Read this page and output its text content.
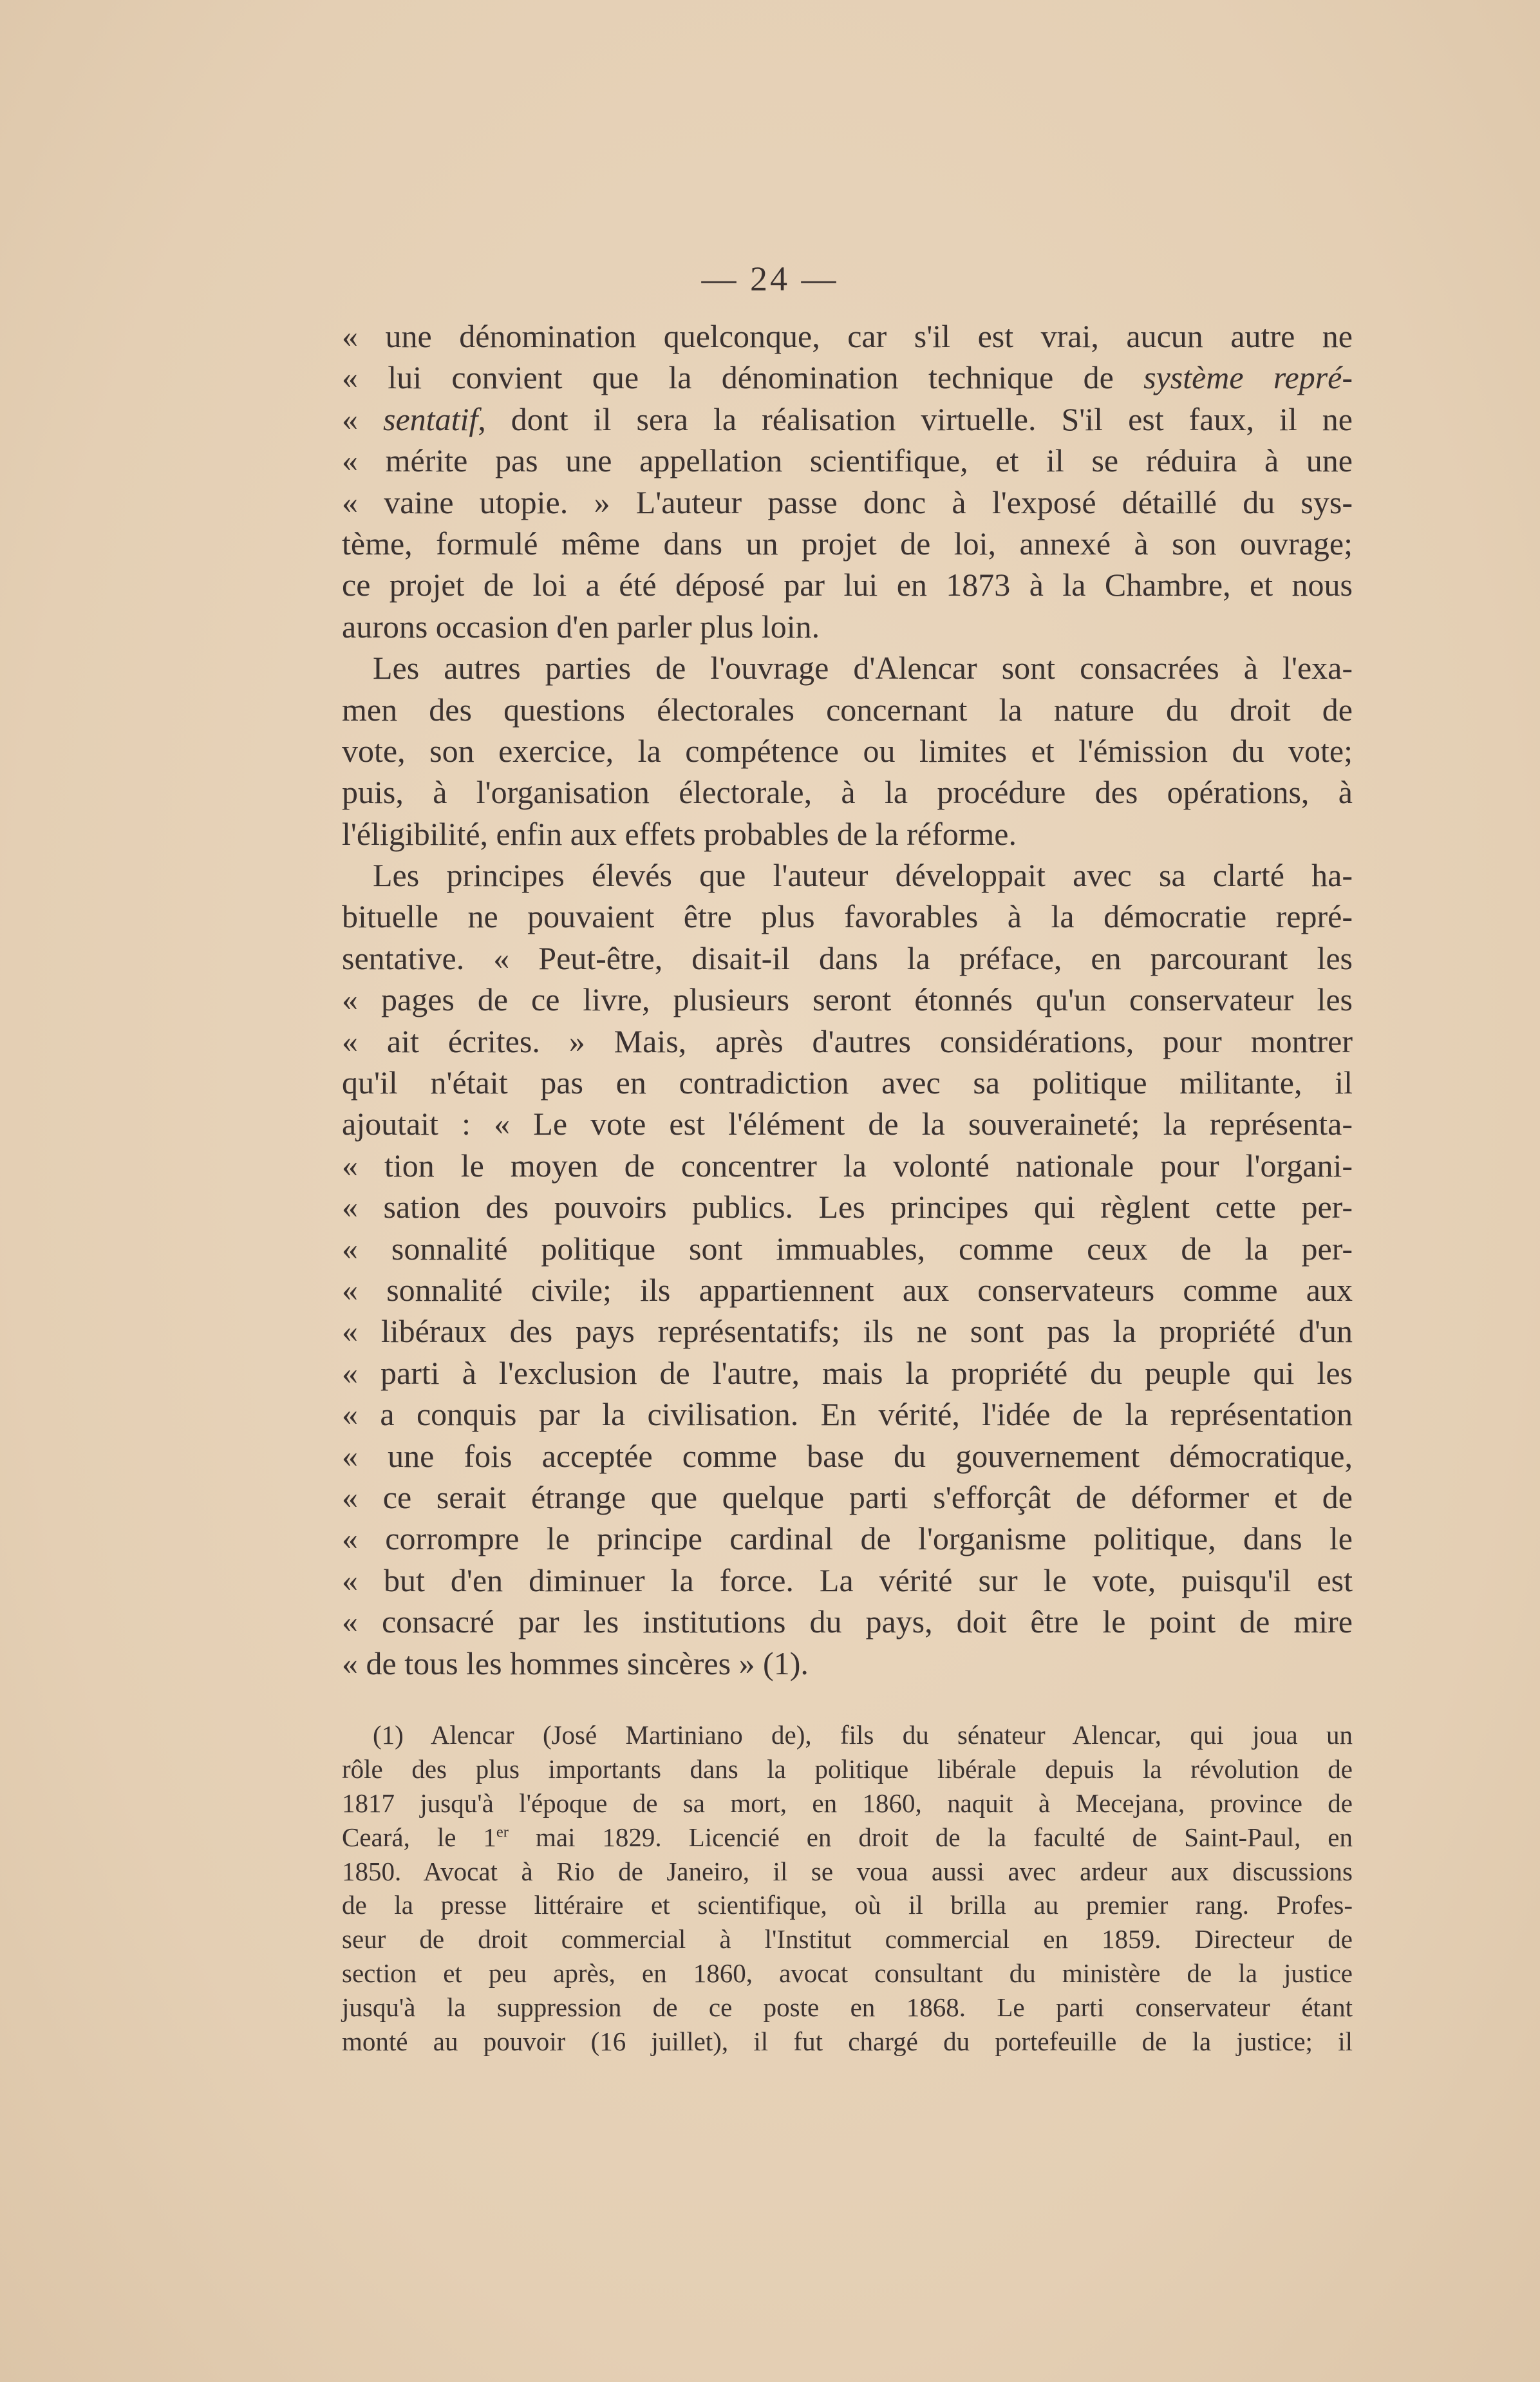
— 24 —
« une dénomination quelconque, car s'il est vrai, aucun autre ne
« lui convient que la dénomination technique de système repré-
« sentatif, dont il sera la réalisation virtuelle. S'il est faux, il ne
« mérite pas une appellation scientifique, et il se réduira à une
« vaine utopie. » L'auteur passe donc à l'exposé détaillé du sys-
tème, formulé même dans un projet de loi, annexé à son ouvrage;
ce projet de loi a été déposé par lui en 1873 à la Chambre, et nous
aurons occasion d'en parler plus loin.
Les autres parties de l'ouvrage d'Alencar sont consacrées à l'exa-
men des questions électorales concernant la nature du droit de
vote, son exercice, la compétence ou limites et l'émission du vote;
puis, à l'organisation électorale, à la procédure des opérations, à
l'éligibilité, enfin aux effets probables de la réforme.
Les principes élevés que l'auteur développait avec sa clarté ha-
bituelle ne pouvaient être plus favorables à la démocratie repré-
sentative. « Peut-être, disait-il dans la préface, en parcourant les
« pages de ce livre, plusieurs seront étonnés qu'un conservateur les
« ait écrites. » Mais, après d'autres considérations, pour montrer
qu'il n'était pas en contradiction avec sa politique militante, il
ajoutait : « Le vote est l'élément de la souveraineté; la représenta-
« tion le moyen de concentrer la volonté nationale pour l'organi-
« sation des pouvoirs publics. Les principes qui règlent cette per-
« sonnalité politique sont immuables, comme ceux de la per-
« sonnalité civile; ils appartiennent aux conservateurs comme aux
« libéraux des pays représentatifs; ils ne sont pas la propriété d'un
« parti à l'exclusion de l'autre, mais la propriété du peuple qui les
« a conquis par la civilisation. En vérité, l'idée de la représentation
« une fois acceptée comme base du gouvernement démocratique,
« ce serait étrange que quelque parti s'efforçât de déformer et de
« corrompre le principe cardinal de l'organisme politique, dans le
« but d'en diminuer la force. La vérité sur le vote, puisqu'il est
« consacré par les institutions du pays, doit être le point de mire
« de tous les hommes sincères » (1).
(1) Alencar (José Martiniano de), fils du sénateur Alencar, qui joua un
rôle des plus importants dans la politique libérale depuis la révolution de
1817 jusqu'à l'époque de sa mort, en 1860, naquit à Mecejana, province de
Ceará, le 1er mai 1829. Licencié en droit de la faculté de Saint-Paul, en
1850. Avocat à Rio de Janeiro, il se voua aussi avec ardeur aux discussions
de la presse littéraire et scientifique, où il brilla au premier rang. Profes-
seur de droit commercial à l'Institut commercial en 1859. Directeur de
section et peu après, en 1860, avocat consultant du ministère de la justice
jusqu'à la suppression de ce poste en 1868. Le parti conservateur étant
monté au pouvoir (16 juillet), il fut chargé du portefeuille de la justice; il
